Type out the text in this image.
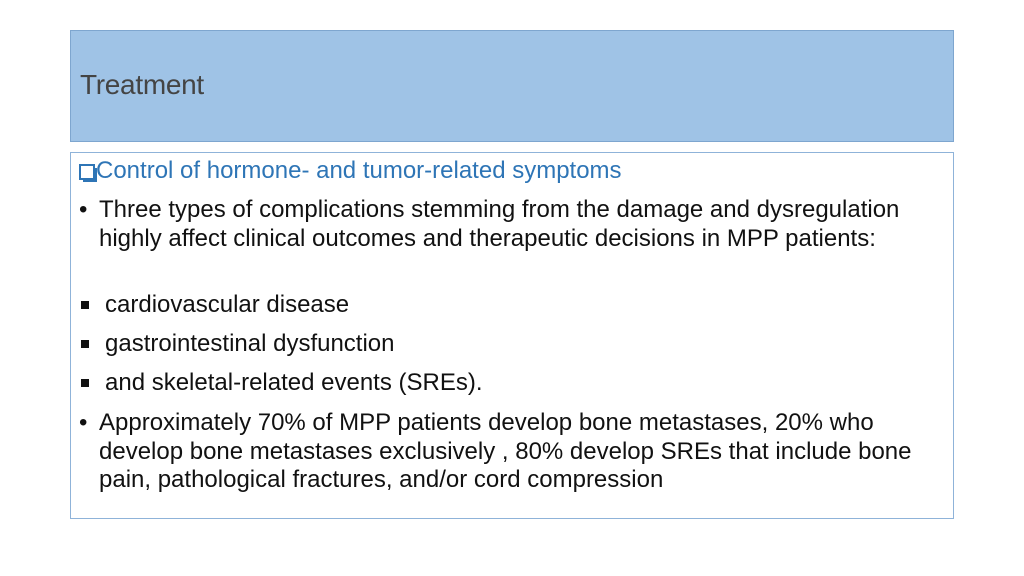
Treatment
Control of hormone- and tumor-related symptoms
• Three types of complications stemming from the damage and dysregulation highly affect clinical outcomes and therapeutic decisions in MPP patients:
cardiovascular disease
gastrointestinal dysfunction
and skeletal-related events (SREs).
• Approximately 70% of MPP patients develop bone metastases, 20% who develop bone metastases exclusively , 80% develop SREs that include bone pain, pathological fractures, and/or cord compression
